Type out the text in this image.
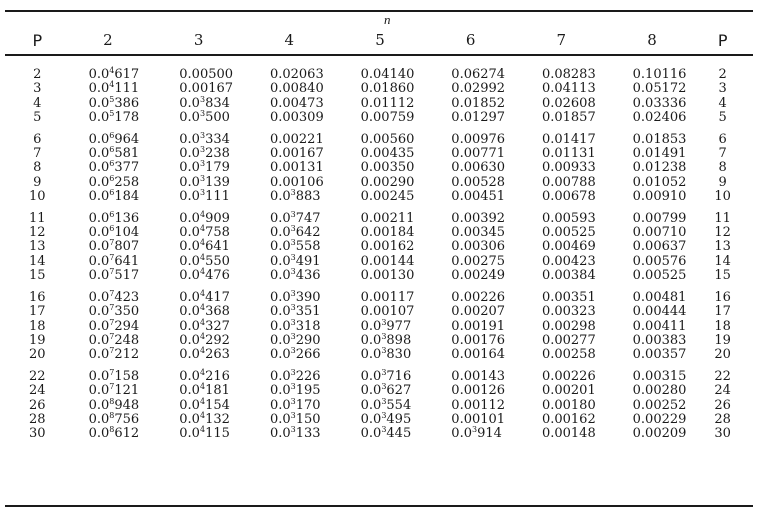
n
P	2	3	4	5	6	7	8	P
2	$0.0^4617$	0.00500	0.02063	0.04140	0.06274	0.08283	0.10116	2
3	$0.0^4111$	0.00167	0.00840	0.01860	0.02992	0.04113	0.05172	3
4	$0.0^5386$	$0.0^3834$	0.00473	0.01112	0.01852	0.02608	0.03336	4
5	$0.0^5178$	$0.0^3500$	0.00309	0.00759	0.01297	0.01857	0.02406	5

6	$0.0^6964$	$0.0^3334$	0.00221	0.00560	0.00976	0.01417	0.01853	6
7	$0.0^6581$	$0.0^3238$	0.00167	0.00435	0.00771	0.01131	0.01491	7
8	$0.0^6377$	$0.0^3179$	0.00131	0.00350	0.00630	0.00933	0.01238	8
9	$0.0^6258$	$0.0^3139$	0.00106	0.00290	0.00528	0.00788	0.01052	9
10	$0.0^6184$	$0.0^3111$	$0.0^3883$	0.00245	0.00451	0.00678	0.00910	10

11	$0.0^6136$	$0.0^4909$	$0.0^3747$	0.00211	0.00392	0.00593	0.00799	11
12	$0.0^6104$	$0.0^4758$	$0.0^3642$	0.00184	0.00345	0.00525	0.00710	12
13	$0.0^7807$	$0.0^4641$	$0.0^3558$	0.00162	0.00306	0.00469	0.00637	13
14	$0.0^7641$	$0.0^4550$	$0.0^3491$	0.00144	0.00275	0.00423	0.00576	14
15	$0.0^7517$	$0.0^4476$	$0.0^3436$	0.00130	0.00249	0.00384	0.00525	15

16	$0.0^7423$	$0.0^4417$	$0.0^3390$	0.00117	0.00226	0.00351	0.00481	16
17	$0.0^7350$	$0.0^4368$	$0.0^3351$	0.00107	0.00207	0.00323	0.00444	17
18	$0.0^7294$	$0.0^4327$	$0.0^3318$	$0.0^3977$	0.00191	0.00298	0.00411	18
19	$0.0^7248$	$0.0^4292$	$0.0^3290$	$0.0^3898$	0.00176	0.00277	0.00383	19
20	$0.0^7212$	$0.0^4263$	$0.0^3266$	$0.0^3830$	0.00164	0.00258	0.00357	20

22	$0.0^7158$	$0.0^4216$	$0.0^3226$	$0.0^3716$	0.00143	0.00226	0.00315	22
24	$0.0^7121$	$0.0^4181$	$0.0^3195$	$0.0^3627$	0.00126	0.00201	0.00280	24
26	$0.0^8948$	$0.0^4154$	$0.0^3170$	$0.0^3554$	0.00112	0.00180	0.00252	26
28	$0.0^8756$	$0.0^4132$	$0.0^3150$	$0.0^3495$	0.00101	0.00162	0.00229	28
30	$0.0^8612$	$0.0^4115$	$0.0^3133$	$0.0^3445$	$0.0^3914$	0.00148	0.00209	30
